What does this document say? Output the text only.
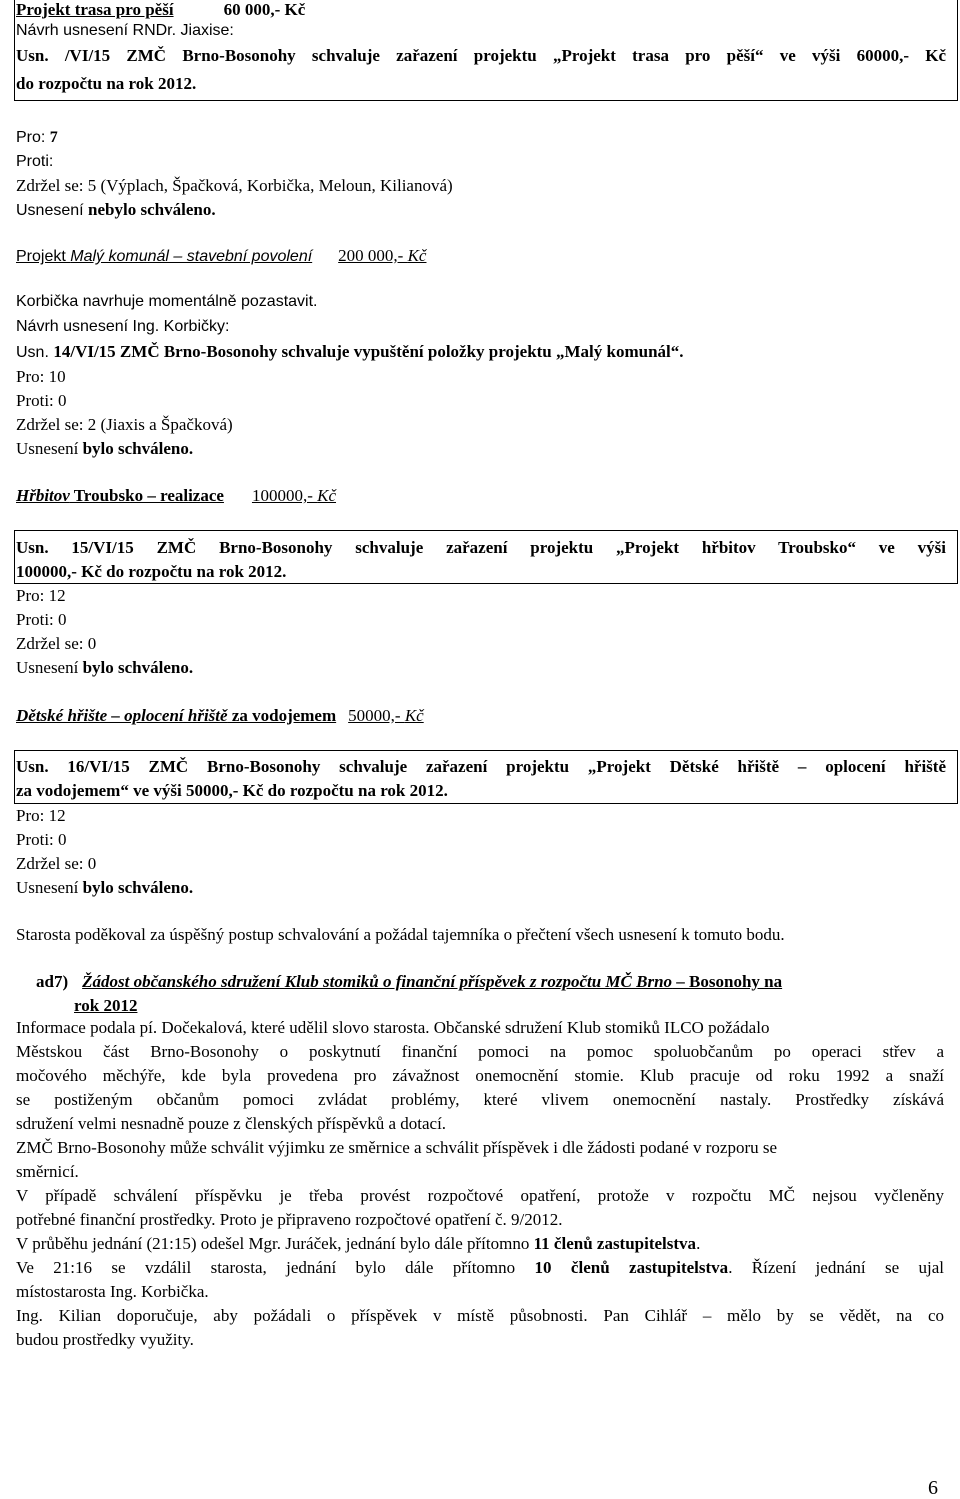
Projekt trasa pro pěší	60 000,- Kč
Návrh usnesení RNDr. Jiaxise:
Usn. /VI/15 ZMČ Brno-Bosonohy schvaluje zařazení projektu „Projekt trasa pro pěší“ ve výši 60000,- Kč
do rozpočtu na rok 2012.
Pro: 7
Proti:
Zdržel se: 5 (Výplach, Špačková, Korbička, Meloun, Kilianová)
Usnesení nebylo schváleno.
Projekt Malý komunál – stavební povolení 200 000,- Kč
Korbička navrhuje momentálně pozastavit.
Návrh usnesení Ing. Korbičky:
Usn. 14/VI/15 ZMČ Brno-Bosonohy schvaluje vypuštění položky projektu „Malý komunál“.
Pro: 10
Proti: 0
Zdržel se: 2 (Jiaxis a Špačková)
Usnesení bylo schváleno.
Hřbitov Troubsko – realizace 100000,- Kč
Usn. 15/VI/15 ZMČ Brno-Bosonohy schvaluje zařazení projektu „Projekt hřbitov Troubsko“ ve výši
100000,- Kč do rozpočtu na rok 2012.
Pro: 12
Proti: 0
Zdržel se: 0
Usnesení bylo schváleno.
Dětské hřište – oplocení hřiště za vodojemem 50000,- Kč
Usn. 16/VI/15 ZMČ Brno-Bosonohy schvaluje zařazení projektu „Projekt Dětské hřiště – oplocení hřiště
za vodojemem“ ve výši 50000,- Kč do rozpočtu na rok 2012.
Pro: 12
Proti: 0
Zdržel se: 0
Usnesení bylo schváleno.
Starosta poděkoval za úspěšný postup schvalování a požádal tajemníka o přečtení všech usnesení k tomuto bodu.
ad7) Žádost občanského sdružení Klub stomiků o finanční příspěvek z rozpočtu MČ Brno – Bosonohy na
rok 2012
Informace podala pí. Dočekalová, které udělil slovo starosta. Občanské sdružení Klub stomiků ILCO požádalo
Městskou část Brno-Bosonohy o poskytnutí finanční pomoci na pomoc spoluobčanům po operaci střev a
močového měchýře, kde byla provedena pro závažnost onemocnění stomie. Klub pracuje od roku 1992 a snaží
se postiženým občanům pomoci zvládat problémy, které vlivem onemocnění nastaly. Prostředky získává
sdružení velmi nesnadně pouze z členských příspěvků a dotací.
ZMČ Brno-Bosonohy může schválit výjimku ze směrnice a schválit příspěvek i dle žádosti podané v rozporu se
směrnicí.
V případě schválení příspěvku je třeba provést rozpočtové opatření, protože v rozpočtu MČ nejsou vyčleněny
potřebné finanční prostředky. Proto je připraveno rozpočtové opatření č. 9/2012.
V průběhu jednání (21:15) odešel Mgr. Juráček, jednání bylo dále přítomno 11 členů zastupitelstva.
Ve 21:16 se vzdálil starosta, jednání bylo dále přítomno 10 členů zastupitelstva. Řízení jednání se ujal
místostarosta Ing. Korbička.
Ing. Kilian doporučuje, aby požádali o příspěvek v místě působnosti. Pan Cihlář – mělo by se vědět, na co
budou prostředky využity.
6
